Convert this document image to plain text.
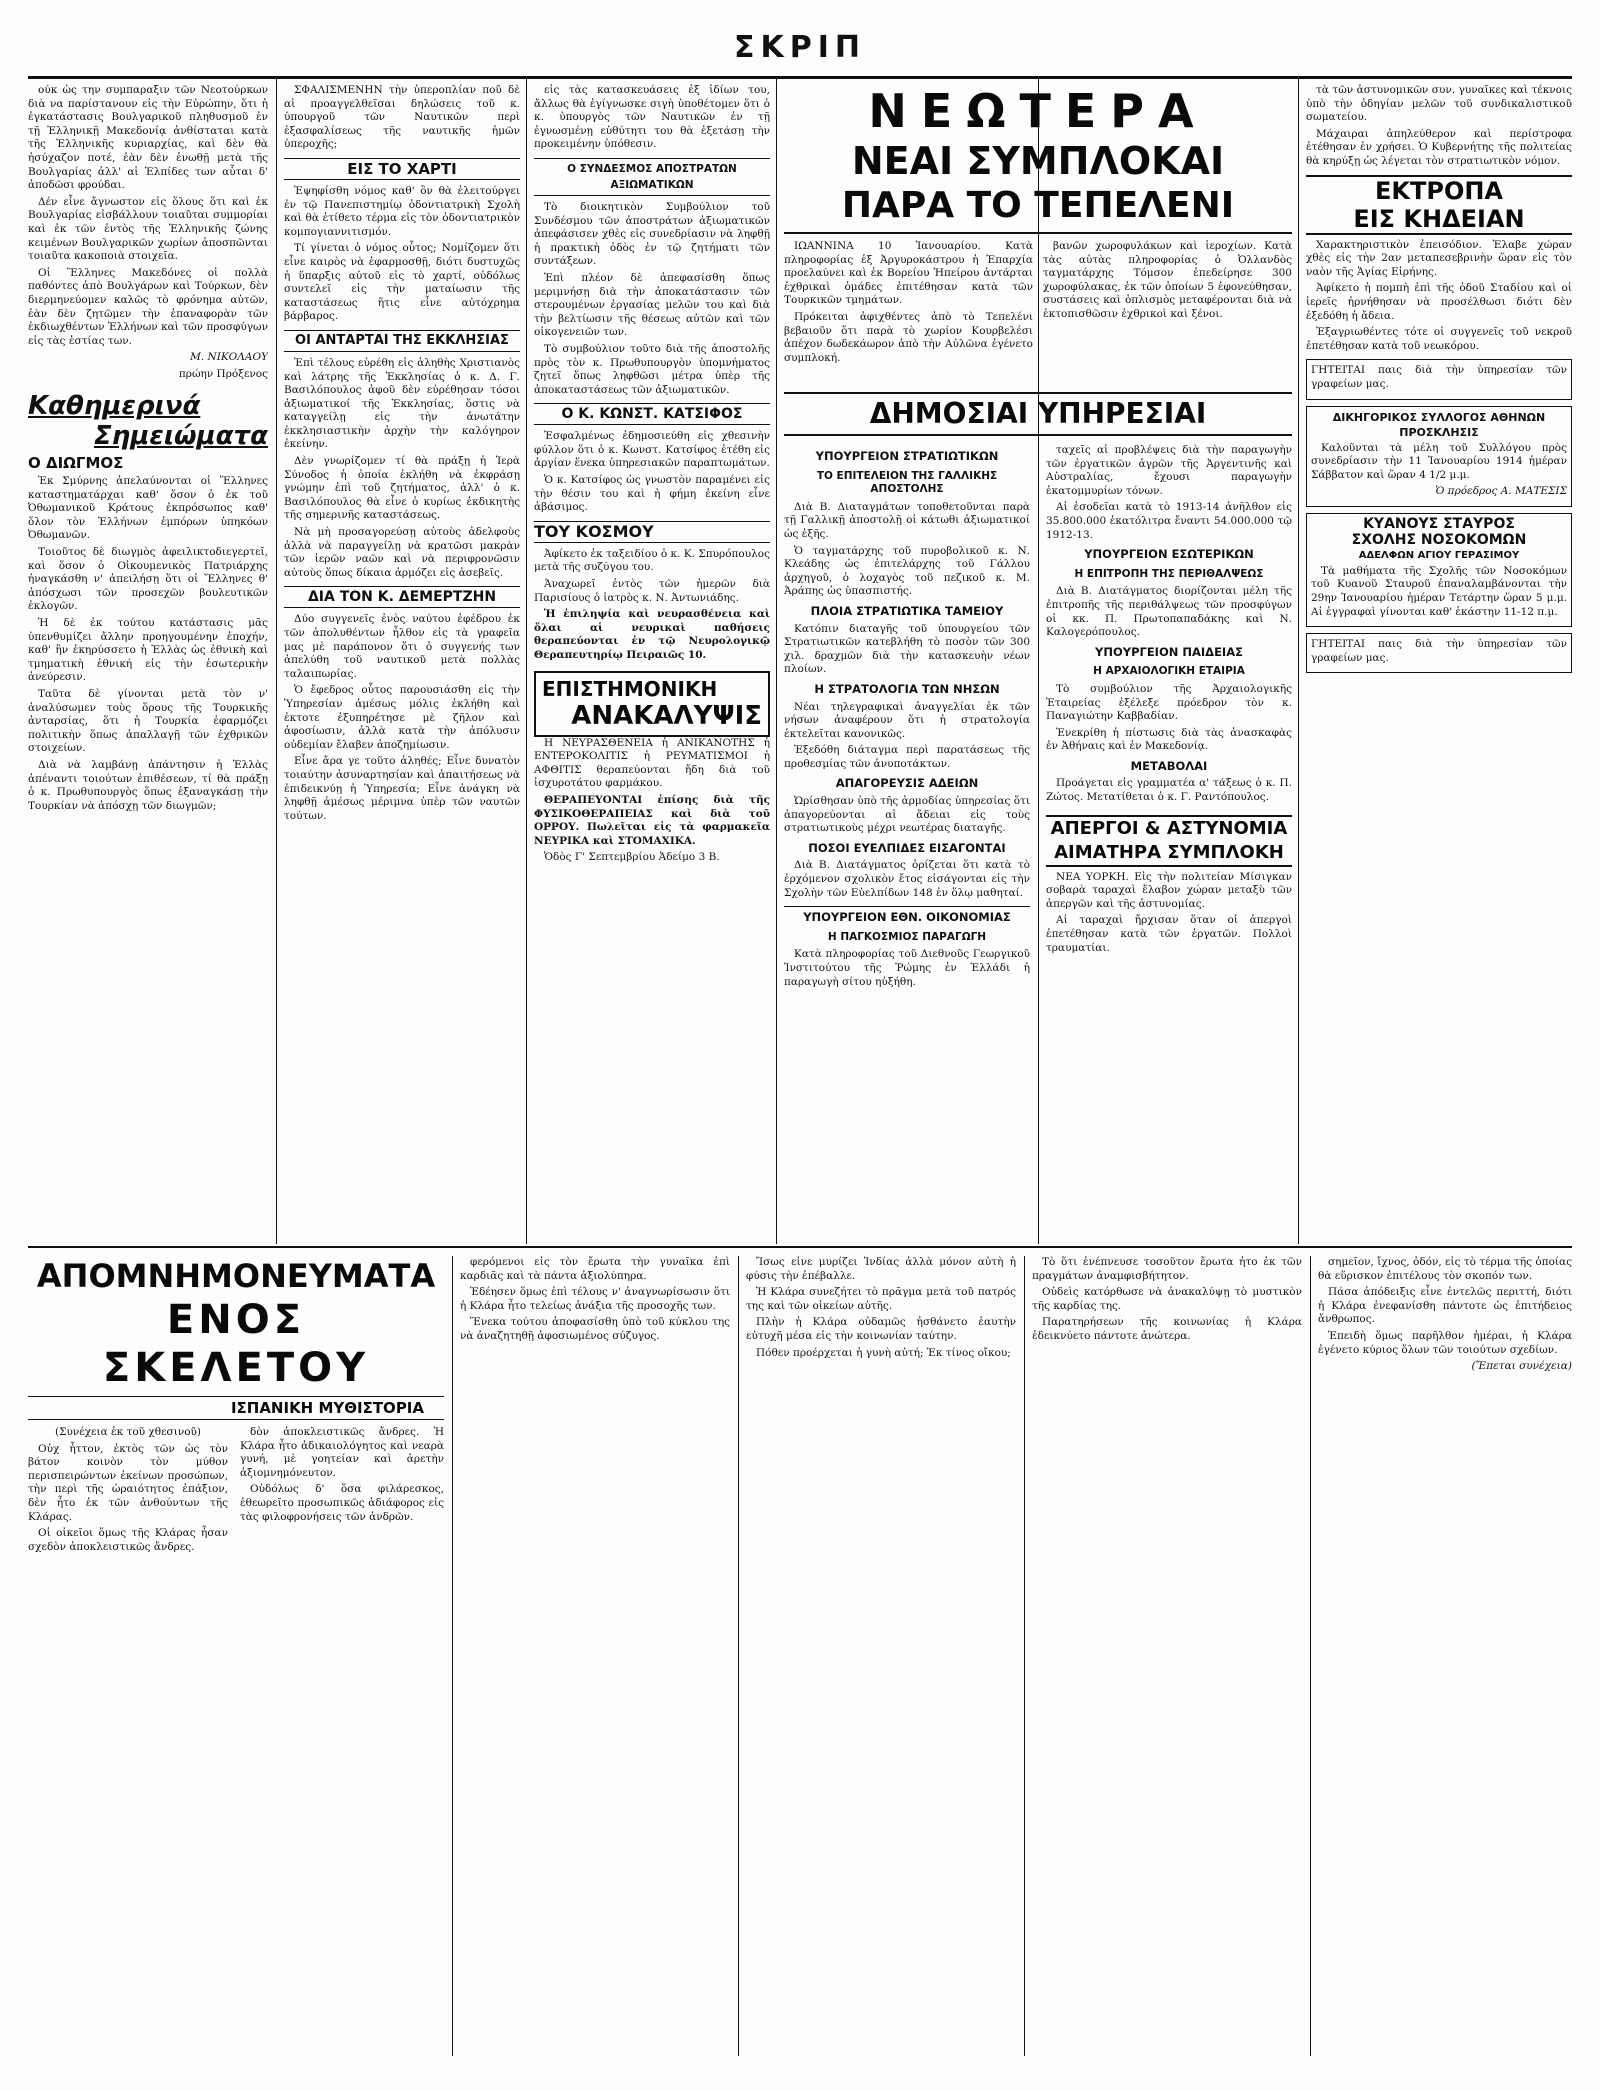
ΣΚΡΙΠ

ούκ ὡς την συμπαραξιν τῶν Νεοτούρκων διὰ να παρίστανουν εἰς τὴν Εὐρώπην, ὅτι ἡ ἐγκατάστασις Βουλγαρικοῦ πληθυσμοῦ ἐν τῇ Ἑλληνικῇ Μακεδονίᾳ ἀνθίσταται κατὰ τῆς Ἑλληνικῆς κυριαρχίας, καὶ δὲν θὰ ἠσύχαζον ποτέ, ἐὰν δὲν ἐνωθῇ μετὰ τῆς Βουλγαρίας ἀλλ' αἱ Ἐλπίδες των αὗται δ' ἀποδῶσι φρούδαι.

Δέν εἶνε ἄγνωστον εἰς ὅλους ὅτι καὶ ἐκ Βουλγαρίας εἰσβάλλουν τοιαῦται συμμορίαι καὶ ἐκ τῶν ἐντὸς τῆς Ἑλληνικῆς ζώνης κειμένων Βουλγαρικῶν χωρίων ἀποσπῶνται τοιαῦτα κακοποιὰ στοιχεῖα.

Οἱ Ἕλληνες Μακεδόνες οἱ πολλὰ παθόντες ἀπὸ Βουλγάρων καὶ Τούρκων, δὲν διερμηνεύομεν καλῶς τὸ φρόνημα αὐτῶν, ἐὰν δὲν ζητῶμεν τὴν ἐπαναφορὰν τῶν ἐκδιωχθέντων Ἑλλήνων καὶ τῶν προσφύγων εἰς τὰς ἑστίας των.

Μ. ΝΙΚΟΛΑΟΥ

πρώην Πρόξενος

Καθημερινά
Σημειώματα
Ο ΔΙΩΓΜΟΣ

Ἐκ Σμύρνης ἀπελαύνονται οἱ Ἕλληνες καταστηματάρχαι καθ' ὅσον ὁ ἐκ τοῦ Ὀθωμανικοῦ Κράτους ἐκπρόσωπος καθ' ὅλον τὸν Ἑλλήνων ἐμπόρων ὑπηκόων Ὀθωμανῶν.

Τοιοῦτος δὲ διωγμὸς ἀφειλικτοδιεγερτεῖ, καὶ ὅσον ὁ Οἰκουμενικὸς Πατριάρχης ἠναγκάσθη ν' ἀπειλήσῃ ὅτι οἱ Ἕλληνες θ' ἀπόσχωσι τῶν προσεχῶν βουλευτικῶν ἐκλογῶν.

Ἡ δὲ ἐκ τούτου κατάστασις μᾶς ὑπενθυμίζει ἄλλην προηγουμένην ἐποχήν, καθ' ἣν ἐκηρύσσετο ἡ Ἑλλὰς ὡς ἐθνικὴ καὶ τμηματικὴ ἐθνική εἰς τὴν ἐσωτερικὴν ἀνεύρεσιν.

Ταῦτα δὲ γίνονται μετὰ τὸν ν' ἀναλύσωμεν τοὺς ὅρους τῆς Τουρκικῆς ἀνταρσίας, ὅτι ἡ Τουρκία ἐφαρμόζει πολιτικὴν ὅπως ἀπαλλαγῇ τῶν ἐχθρικῶν στοιχείων.

Διὰ νὰ λαμβάνῃ ἀπάντησιν ἡ Ἑλλὰς ἀπέναντι τοιούτων ἐπιθέσεων, τί θὰ πράξῃ ὁ κ. Πρωθυπουργὸς ὅπως ἐξαναγκάσῃ τὴν Τουρκίαν νὰ ἀπόσχῃ τῶν διωγμῶν;

ΣΦΑΛΙΣΜΕΝΗΝ τὴν ὑπεροπλίαν ποῦ δὲ αἱ προαγγελθεῖσαι δηλώσεις τοῦ κ. ὑπουργοῦ τῶν Ναυτικῶν περὶ ἐξασφαλίσεως τῆς ναυτικῆς ἡμῶν ὑπεροχῆς;

ΕΙΣ ΤΟ ΧΑΡΤΙ

Ἐψηφίσθη νόμος καθ' ὃν θὰ ἐλειτούργει ἐν τῷ Πανεπιστημίῳ ὁδοντιατρικὴ Σχολὴ καὶ θὰ ἐτίθετο τέρμα εἰς τὸν ὀδοντιατρικὸν κομπογιαννιτισμόν.

Τί γίνεται ὁ νόμος οὗτος; Νομίζομεν ὅτι εἶνε καιρὸς νὰ ἐφαρμοσθῇ, διότι δυστυχῶς ἡ ὕπαρξις αὐτοῦ εἰς τὸ χαρτί, οὐδόλως συντελεῖ εἰς τὴν ματαίωσιν τῆς καταστάσεως ἥτις εἶνε αὐτόχρημα βάρβαρος.

ΟΙ ΑΝΤΑΡΤΑΙ ΤΗΣ ΕΚΚΛΗΣΙΑΣ

Ἐπὶ τέλους εὑρέθη εἰς ἀληθὴς Χριστιανὸς καὶ λάτρης τῆς Ἐκκλησίας ὁ κ. Δ. Γ. Βασιλόπουλος ἀφοῦ δὲν εὑρέθησαν τόσοι ἀξιωματικοί τῆς Ἐκκλησίας, ὅστις νὰ καταγγείλῃ εἰς τὴν ἀνωτάτην ἐκκλησιαστικὴν ἀρχὴν τὴν καλόγηρον ἐκείνην.

Δὲν γνωρίζομεν τί θὰ πράξῃ ἡ Ἱερὰ Σύνοδος ἡ ὁποία ἐκλήθη νὰ ἐκφράσῃ γνώμην ἐπὶ τοῦ ζητήματος, ἀλλ' ὁ κ. Βασιλόπουλος θὰ εἶνε ὁ κυρίως ἐκδικητὴς τῆς σημερινῆς καταστάσεως.

Νὰ μὴ προσαγορεύσῃ αὐτοὺς ἀδελφοὺς ἀλλὰ νὰ παραγγείλῃ νὰ κρατῶσι μακρὰν τῶν ἱερῶν ναῶν καὶ νὰ περιφρονῶσιν αὐτοὺς ὅπως δίκαια ἀρμόζει εἰς ἀσεβεῖς.

ΔΙΑ ΤΟΝ Κ. ΔΕΜΕΡΤΖΗΝ

Δύο συγγενεῖς ἐνὸς ναύτου ἐφέδρου ἐκ τῶν ἀπολυθέντων ἦλθον εἰς τὰ γραφεῖα μας μὲ παράπονον ὅτι ὁ συγγενής των ἀπελύθη τοῦ ναυτικοῦ μετὰ πολλὰς ταλαιπωρίας.

Ὁ ἔφεδρος οὗτος παρουσιάσθη εἰς τὴν Ὑπηρεσίαν ἀμέσως μόλις ἐκλήθη καὶ ἐκτοτε ἐξυπηρέτησε μὲ ζῆλον καὶ ἀφοσίωσιν, ἀλλὰ κατὰ τὴν ἀπόλυσιν οὐδεμίαν ἔλαβεν ἀποζημίωσιν.

Εἶνε ἄρα γε τοῦτο ἀληθές; Εἶνε δυνατὸν τοιαύτην ἀσυναρτησίαν καὶ ἀπαιτήσεως νὰ ἐπιδεικνύῃ ἡ Ὑπηρεσία; Εἶνε ἀνάγκη νὰ ληφθῇ ἀμέσως μέριμνα ὑπὲρ τῶν ναυτῶν τούτων.

εἰς τὰς κατασκευάσεις ἐξ ἰδίων του, ἄλλως θὰ ἐγίγνωσκε σιγὴ ὑποθέτομεν ὅτι ὁ κ. ὑπουργὸς τῶν Ναυτικῶν ἐν τῇ ἐγνωσμένῃ εὐθύτητι του θὰ ἐξετάσῃ τὴν προκειμένην ὑπόθεσιν.

Ο ΣΥΝΔΕΣΜΟΣ ΑΠΟΣΤΡΑΤΩΝ ΑΞΙΩΜΑΤΙΚΩΝ

Τὸ διοικητικὸν Συμβούλιον τοῦ Συνδέσμου τῶν ἀποστράτων ἀξιωματικῶν ἀπεφάσισεν χθὲς εἰς συνεδρίασιν νὰ ληφθῇ ἡ πρακτικὴ ὁδὸς ἐν τῷ ζητήματι τῶν συντάξεων.

Ἐπὶ πλέον δὲ ἀπεφασίσθη ὅπως μεριμνήσῃ διὰ τὴν ἀποκατάστασιν τῶν στερουμένων ἐργασίας μελῶν του καὶ διὰ τὴν βελτίωσιν τῆς θέσεως αὐτῶν καὶ τῶν οἰκογενειῶν των.

Τὸ συμβούλιον τοῦτο διὰ τῆς ἀποστολῆς πρὸς τὸν κ. Πρωθυπουργὸν ὑπομνήματος ζητεῖ ὅπως ληφθῶσι μέτρα ὑπὲρ τῆς ἀποκαταστάσεως τῶν ἀξιωματικῶν.

Ο Κ. ΚΩΝΣΤ. ΚΑΤΣΙΦΟΣ

Ἐσφαλμένως ἐδημοσιεύθη εἰς χθεσινὴν φύλλον ὅτι ὁ κ. Κωνστ. Κατσίφος ἐτέθη εἰς ἀργίαν ἕνεκα ὑπηρεσιακῶν παραπτωμάτων.

Ὁ κ. Κατσίφος ὡς γνωστὸν παραμένει εἰς τὴν θέσιν του καὶ ἡ φήμη ἐκείνη εἶνε ἀβάσιμος.

ΤΟΥ ΚΟΣΜΟΥ

Ἀφίκετο ἐκ ταξειδίου ὁ κ. Κ. Σπυρόπουλος μετὰ τῆς συζύγου του.

Ἀναχωρεῖ ἐντὸς τῶν ἡμερῶν διὰ Παρισίους ὁ ἰατρὸς κ. Ν. Ἀντωνιάδης.

Ἡ ἐπιληψία καὶ νευρασθένεια καὶ ὅλαι αἱ νευρικαὶ παθήσεις θεραπεύονται ἐν τῷ Νευρολογικῷ Θεραπευτηρίῳ Πειραιῶς 10.

ΕΠΙΣΤΗΜΟΝΙΚΗ
ΑΝΑΚΑΛΥΨΙΣ

Η ΝΕΥΡΑΣΘΕΝΕΙΑ ἡ ΑΝΙΚΑΝΟΤΗΣ ἡ ΕΝΤΕΡΟΚΟΛΙΤΙΣ ἡ ΡΕΥΜΑΤΙΣΜΟΙ ἡ ΑΦΘΙΤΙΣ θεραπεύονται ἤδη διὰ τοῦ ἰσχυροτάτου φαρμάκου.

ΘΕΡΑΠΕΥΟΝΤΑΙ ἐπίσης διὰ τῆς ΦΥΣΙΚΟΘΕΡΑΠΕΙΑΣ καὶ διὰ τοῦ ΟΡΡΟΥ. Πωλεῖται εἰς τὰ φαρμακεῖα ΝΕΥΡΙΚΑ καὶ ΣΤΟΜΑΧΙΚΑ.

Ὁδὸς Γ' Σεπτεμβρίου Ἀδείμο 3 Β.

ΝΕΩΤΕΡΑ
ΝΕΑΙ ΣΥΜΠΛΟΚΑΙ
ΠΑΡΑ ΤΟ ΤΕΠΕΛΕΝΙ

ΙΩΑΝΝΙΝΑ 10 Ἰανουαρίου. Κατὰ πληροφορίας ἐξ Ἀργυροκάστρου ἡ Ἐπαρχία προελαύνει καὶ ἐκ Βορείου Ἠπείρου ἀντάρται ἐχθρικαὶ ὁμάδες ἐπιτέθησαν κατὰ τῶν Τουρκικῶν τμημάτων.

Πρόκειται ἀφιχθέντες ἀπὸ τὸ Τεπελένι βεβαιοῦν ὅτι παρὰ τὸ χωρίον Κουρβελέσι ἀπέχον δωδεκάωρον ἀπὸ τὴν Αὐλῶνα ἐγένετο συμπλοκή.

βανῶν χωροφυλάκων καὶ ἱεροχίων. Κατὰ τὰς αὐτὰς πληροφορίας ὁ Ὀλλανδὸς ταγματάρχης Τόμσον ἐπεδείρησε 300 χωροφύλακας, ἐκ τῶν ὁποίων 5 ἐφονεύθησαν, συστάσεις καὶ ὁπλισμὸς μεταφέρονται διὰ νὰ ἐκτοπισθῶσιν ἐχθρικοὶ καὶ ξένοι.

ΔΗΜΟΣΙΑΙ ΥΠΗΡΕΣΙΑΙ
ΥΠΟΥΡΓΕΙΟΝ ΣΤΡΑΤΙΩΤΙΚΩΝ
ΤΟ ΕΠΙΤΕΛΕΙΟΝ ΤΗΣ ΓΑΛΛΙΚΗΣ ΑΠΟΣΤΟΛΗΣ

Διὰ Β. Διαταγμάτων τοποθετοῦνται παρὰ τῇ Γαλλικῇ ἀποστολῇ οἱ κάτωθι ἀξιωματικοί ὡς ἑξῆς.

Ὁ ταγματάρχης τοῦ πυροβολικοῦ κ. Ν. Κλεάδης ὡς ἐπιτελάρχης τοῦ Γάλλου ἀρχηγοῦ, ὁ λοχαγὸς τοῦ πεζικοῦ κ. Μ. Ἀράπης ὡς ὑπασπιστής.

ΠΛΟΙΑ ΣΤΡΑΤΙΩΤΙΚΑ ΤΑΜΕΙΟΥ

Κατόπιν διαταγῆς τοῦ ὑπουργείου τῶν Στρατιωτικῶν κατεβλήθη τὸ ποσὸν τῶν 300 χιλ. δραχμῶν διὰ τὴν κατασκευὴν νέων πλοίων.

Η ΣΤΡΑΤΟΛΟΓΙΑ ΤΩΝ ΝΗΣΩΝ

Νέαι τηλεγραφικαὶ ἀναγγελίαι ἐκ τῶν νήσων ἀναφέρουν ὅτι ἡ στρατολογία ἐκτελεῖται κανονικῶς.

Ἐξεδόθη διάταγμα περὶ παρατάσεως τῆς προθεσμίας τῶν ἀνυποτάκτων.

ΑΠΑΓΟΡΕΥΣΙΣ ΑΔΕΙΩΝ

Ὡρίσθησαν ὑπὸ τῆς ἁρμοδίας ὑπηρεσίας ὅτι ἀπαγορεύονται αἱ ἄδειαι εἰς τοὺς στρατιωτικοὺς μέχρι νεωτέρας διαταγῆς.

ΠΟΣΟΙ ΕΥΕΛΠΙΔΕΣ ΕΙΣΑΓΟΝΤΑΙ

Διὰ Β. Διατάγματος ὁρίζεται ὅτι κατὰ τὸ ἐρχόμενον σχολικὸν ἔτος εἰσάγονται εἰς τὴν Σχολὴν τῶν Εὐελπίδων 148 ἐν ὅλῳ μαθηταί.

ΥΠΟΥΡΓΕΙΟΝ ΕΘΝ. ΟΙΚΟΝΟΜΙΑΣ
Η ΠΑΓΚΟΣΜΙΟΣ ΠΑΡΑΓΩΓΗ

Κατὰ πληροφορίας τοῦ Διεθνοῦς Γεωργικοῦ Ἰνστιτούτου τῆς Ῥώμης ἐν Ἑλλάδι ἡ παραγωγὴ σίτου ηὐξήθη.

ταχεῖς αἱ προβλέψεις διὰ τὴν παραγωγὴν τῶν ἐργατικῶν ἀγρῶν τῆς Ἀργεντινῆς καὶ Αὐστραλίας, ἔχουσι παραγωγὴν ἑκατομμυρίων τόνων.

Αἱ ἐσοδεῖαι κατὰ τὸ 1913-14 ἀνῆλθον εἰς 35.800.000 ἑκατόλιτρα ἔναντι 54.000.000 τῷ 1912-13.

ΥΠΟΥΡΓΕΙΟΝ ΕΣΩΤΕΡΙΚΩΝ
Η ΕΠΙΤΡΟΠΗ ΤΗΣ ΠΕΡΙΘΑΛΨΕΩΣ

Διὰ Β. Διατάγματος διορίζονται μέλη τῆς ἐπιτροπῆς τῆς περιθάλψεως τῶν προσφύγων οἱ κκ. Π. Πρωτοπαπαδάκης καὶ Ν. Καλογερόπουλος.

ΥΠΟΥΡΓΕΙΟΝ ΠΑΙΔΕΙΑΣ
Η ΑΡΧΑΙΟΛΟΓΙΚΗ ΕΤΑΙΡΙΑ

Τὸ συμβούλιον τῆς Ἀρχαιολογικῆς Ἑταιρείας ἐξέλεξε πρόεδρον τὸν κ. Παναγιώτην Καββαδίαν.

Ἐνεκρίθη ἡ πίστωσις διὰ τὰς ἀνασκαφὰς ἐν Ἀθήναις καὶ ἐν Μακεδονίᾳ.

ΜΕΤΑΒΟΛΑΙ

Προάγεται εἰς γραμματέα α' τάξεως ὁ κ. Π. Ζώτος. Μετατίθεται ὁ κ. Γ. Ραντόπουλος.

ΑΠΕΡΓΟΙ & ΑΣΤΥΝΟΜΙΑ
ΑΙΜΑΤΗΡΑ ΣΥΜΠΛΟΚΗ

ΝΕΑ ΥΟΡΚΗ. Εἰς τὴν πολιτείαν Μίσιγκαν σοβαρὰ ταραχαὶ ἔλαβον χώραν μεταξὺ τῶν ἀπεργῶν καὶ τῆς ἀστυνομίας.

Αἱ ταραχαὶ ἤρχισαν ὅταν οἱ ἀπεργοὶ ἐπετέθησαν κατὰ τῶν ἐργατῶν. Πολλοὶ τραυματίαι.

τὰ τῶν ἀστυνομικῶν συν. γυναῖκες καὶ τέκνοις ὑπὸ τὴν ὁδηγίαν μελῶν τοῦ συνδικαλιστικοῦ σωματείου.

Μάχαιραι ἀπηλεύθερον καὶ περίστροφα ἐτέθησαν ἐν χρήσει. Ὁ Κυβερνήτης τῆς πολιτείας θὰ κηρύξῃ ὡς λέγεται τὸν στρατιωτικὸν νόμον.

ΕΚΤΡΟΠΑ
ΕΙΣ ΚΗΔΕΙΑΝ

Χαρακτηριστικὸν ἐπεισόδιον. Ἐλαβε χώραν χθὲς εἰς τὴν 2αν μεταπεσεβρινὴν ὥραν εἰς τὸν ναὸν τῆς Ἁγίας Εἰρήνης.

Ἀφίκετο ἡ πομπὴ ἐπὶ τῆς ὁδοῦ Σταδίου καὶ οἱ ἱερεῖς ἠρνήθησαν νὰ προσέλθωσι διότι δὲν ἐξεδόθη ἡ ἄδεια.

Ἐξαγριωθέντες τότε οἱ συγγενεῖς τοῦ νεκροῦ ἐπετέθησαν κατὰ τοῦ νεωκόρου.

ΓΗΤΕΙΤΑΙ παις διὰ τὴν ὑπηρεσίαν τῶν γραφείων μας.

ΔΙΚΗΓΟΡΙΚΟΣ ΣΥΛΛΟΓΟΣ ΑΘΗΝΩΝ

ΠΡΟΣΚΛΗΣΙΣ

Καλοῦνται τὰ μέλη τοῦ Συλλόγου πρὸς συνεδρίασιν τὴν 11 Ἰανουαρίου 1914 ἡμέραν Σάββατον καὶ ὥραν 4 1/2 μ.μ.

Ὁ πρόεδρος Α. ΜΑΤΕΣΙΣ

ΚΥΑΝΟΥΣ ΣΤΑΥΡΟΣ

ΣΧΟΛΗΣ ΝΟΣΟΚΟΜΩΝ

ΑΔΕΛΦΩΝ ΑΓΙΟΥ ΓΕΡΑΣΙΜΟΥ

Τὰ μαθήματα τῆς Σχολῆς τῶν Νοσοκόμων τοῦ Κυανοῦ Σταυροῦ ἐπαναλαμβάνονται τὴν 29ην Ἰανουαρίου ἡμέραν Τετάρτην ὥραν 5 μ.μ. Αἱ ἐγγραφαὶ γίνονται καθ' ἑκάστην 11-12 π.μ.

ΓΗΤΕΙΤΑΙ παις διὰ τὴν ὑπηρεσίαν τῶν γραφείων μας.

ΑΠΟΜΝΗΜΟΝΕΥΜΑΤΑ
ΕΝΟΣ ΣΚΕΛΕΤΟΥ
ΙΣΠΑΝΙΚΗ ΜΥΘΙΣΤΟΡΙΑ

(Συνέχεια ἐκ τοῦ χθεσινοῦ)

Οὐχ ἧττον, ἐκτὸς τῶν ὡς τὸν βάτον κοινὸν τὸν μύθον περισπειρώντων ἐκείνων προσώπων, τὴν περὶ τῆς ὡραιότητος ἐπάξιον, δὲν ἦτο ἐκ τῶν ἀνθούντων τῆς Κλάρας.

Οἱ οἰκεῖοι ὅμως τῆς Κλάρας ἦσαν σχεδὸν ἀποκλειστικῶς ἄνδρες.

δὸν ἀποκλειστικῶς ἄνδρες. Ἡ Κλάρα ἦτο ἀδικαιολόγητος καὶ νεαρὰ γυνή, μὲ γοητείαν καὶ ἀρετὴν ἀξιομνημόνευτον.

Οὐδόλως δ' ὅσα φιλάρεσκος, ἐθεωρεῖτο προσωπικῶς ἀδιάφορος εἰς τὰς φιλοφρονήσεις τῶν ἀνδρῶν.

φερόμενοι εἰς τὸν ἔρωτα τὴν γυναῖκα ἐπὶ καρδιᾶς καὶ τὰ πάντα ἀξιολύπηρα.

Ἐδέησεν ὅμως ἐπὶ τέλους ν' ἀναγνωρίσωσιν ὅτι ἡ Κλάρα ἦτο τελείως ἀνάξια τῆς προσοχῆς των.

Ἕνεκα τούτου ἀποφασίσθη ὑπὸ τοῦ κύκλου της νὰ ἀναζητηθῇ ἀφοσιωμένος σύζυγος.

Ἴσως εἶνε μυρίζει Ἰνδίας ἀλλὰ μόνον αὐτὴ ἡ φύσις τὴν ἐπέβαλλε.

Ἡ Κλάρα συνεζήτει τὸ πρᾶγμα μετὰ τοῦ πατρός της καὶ τῶν οἰκείων αὐτῆς.

Πλὴν ἡ Κλάρα οὐδαμῶς ἠσθάνετο ἑαυτὴν εὐτυχῆ μέσα εἰς τὴν κοινωνίαν ταύτην.

Πόθεν προέρχεται ἡ γυνὴ αὐτή; Ἐκ τίνος οἴκου;

Τὸ ὅτι ἐνέπνευσε τοσοῦτον ἔρωτα ἦτο ἐκ τῶν πραγμάτων ἀναμφισβήτητον.

Οὐδεὶς κατόρθωσε νὰ ἀνακαλύψῃ τὸ μυστικὸν τῆς καρδίας της.

Παρατηρήσεων τῆς κοινωνίας ἡ Κλάρα ἐδεικνύετο πάντοτε ἀνώτερα.

σημεῖον, ἴχνος, ὁδόν, εἰς τὸ τέρμα τῆς ὁποίας θὰ εὕρισκον ἐπιτέλους τὸν σκοπόν των.

Πάσα ἀπόδειξις εἶνε ἐντελῶς περιττή, διότι ἡ Κλάρα ἐνεφανίσθη πάντοτε ὡς ἐπιτήδειος ἄνθρωπος.

Ἐπειδὴ ὅμως παρῆλθον ἡμέραι, ἡ Κλάρα ἐγένετο κύριος ὅλων τῶν τοιούτων σχεδίων.

(Ἔπεται συνέχεια)
